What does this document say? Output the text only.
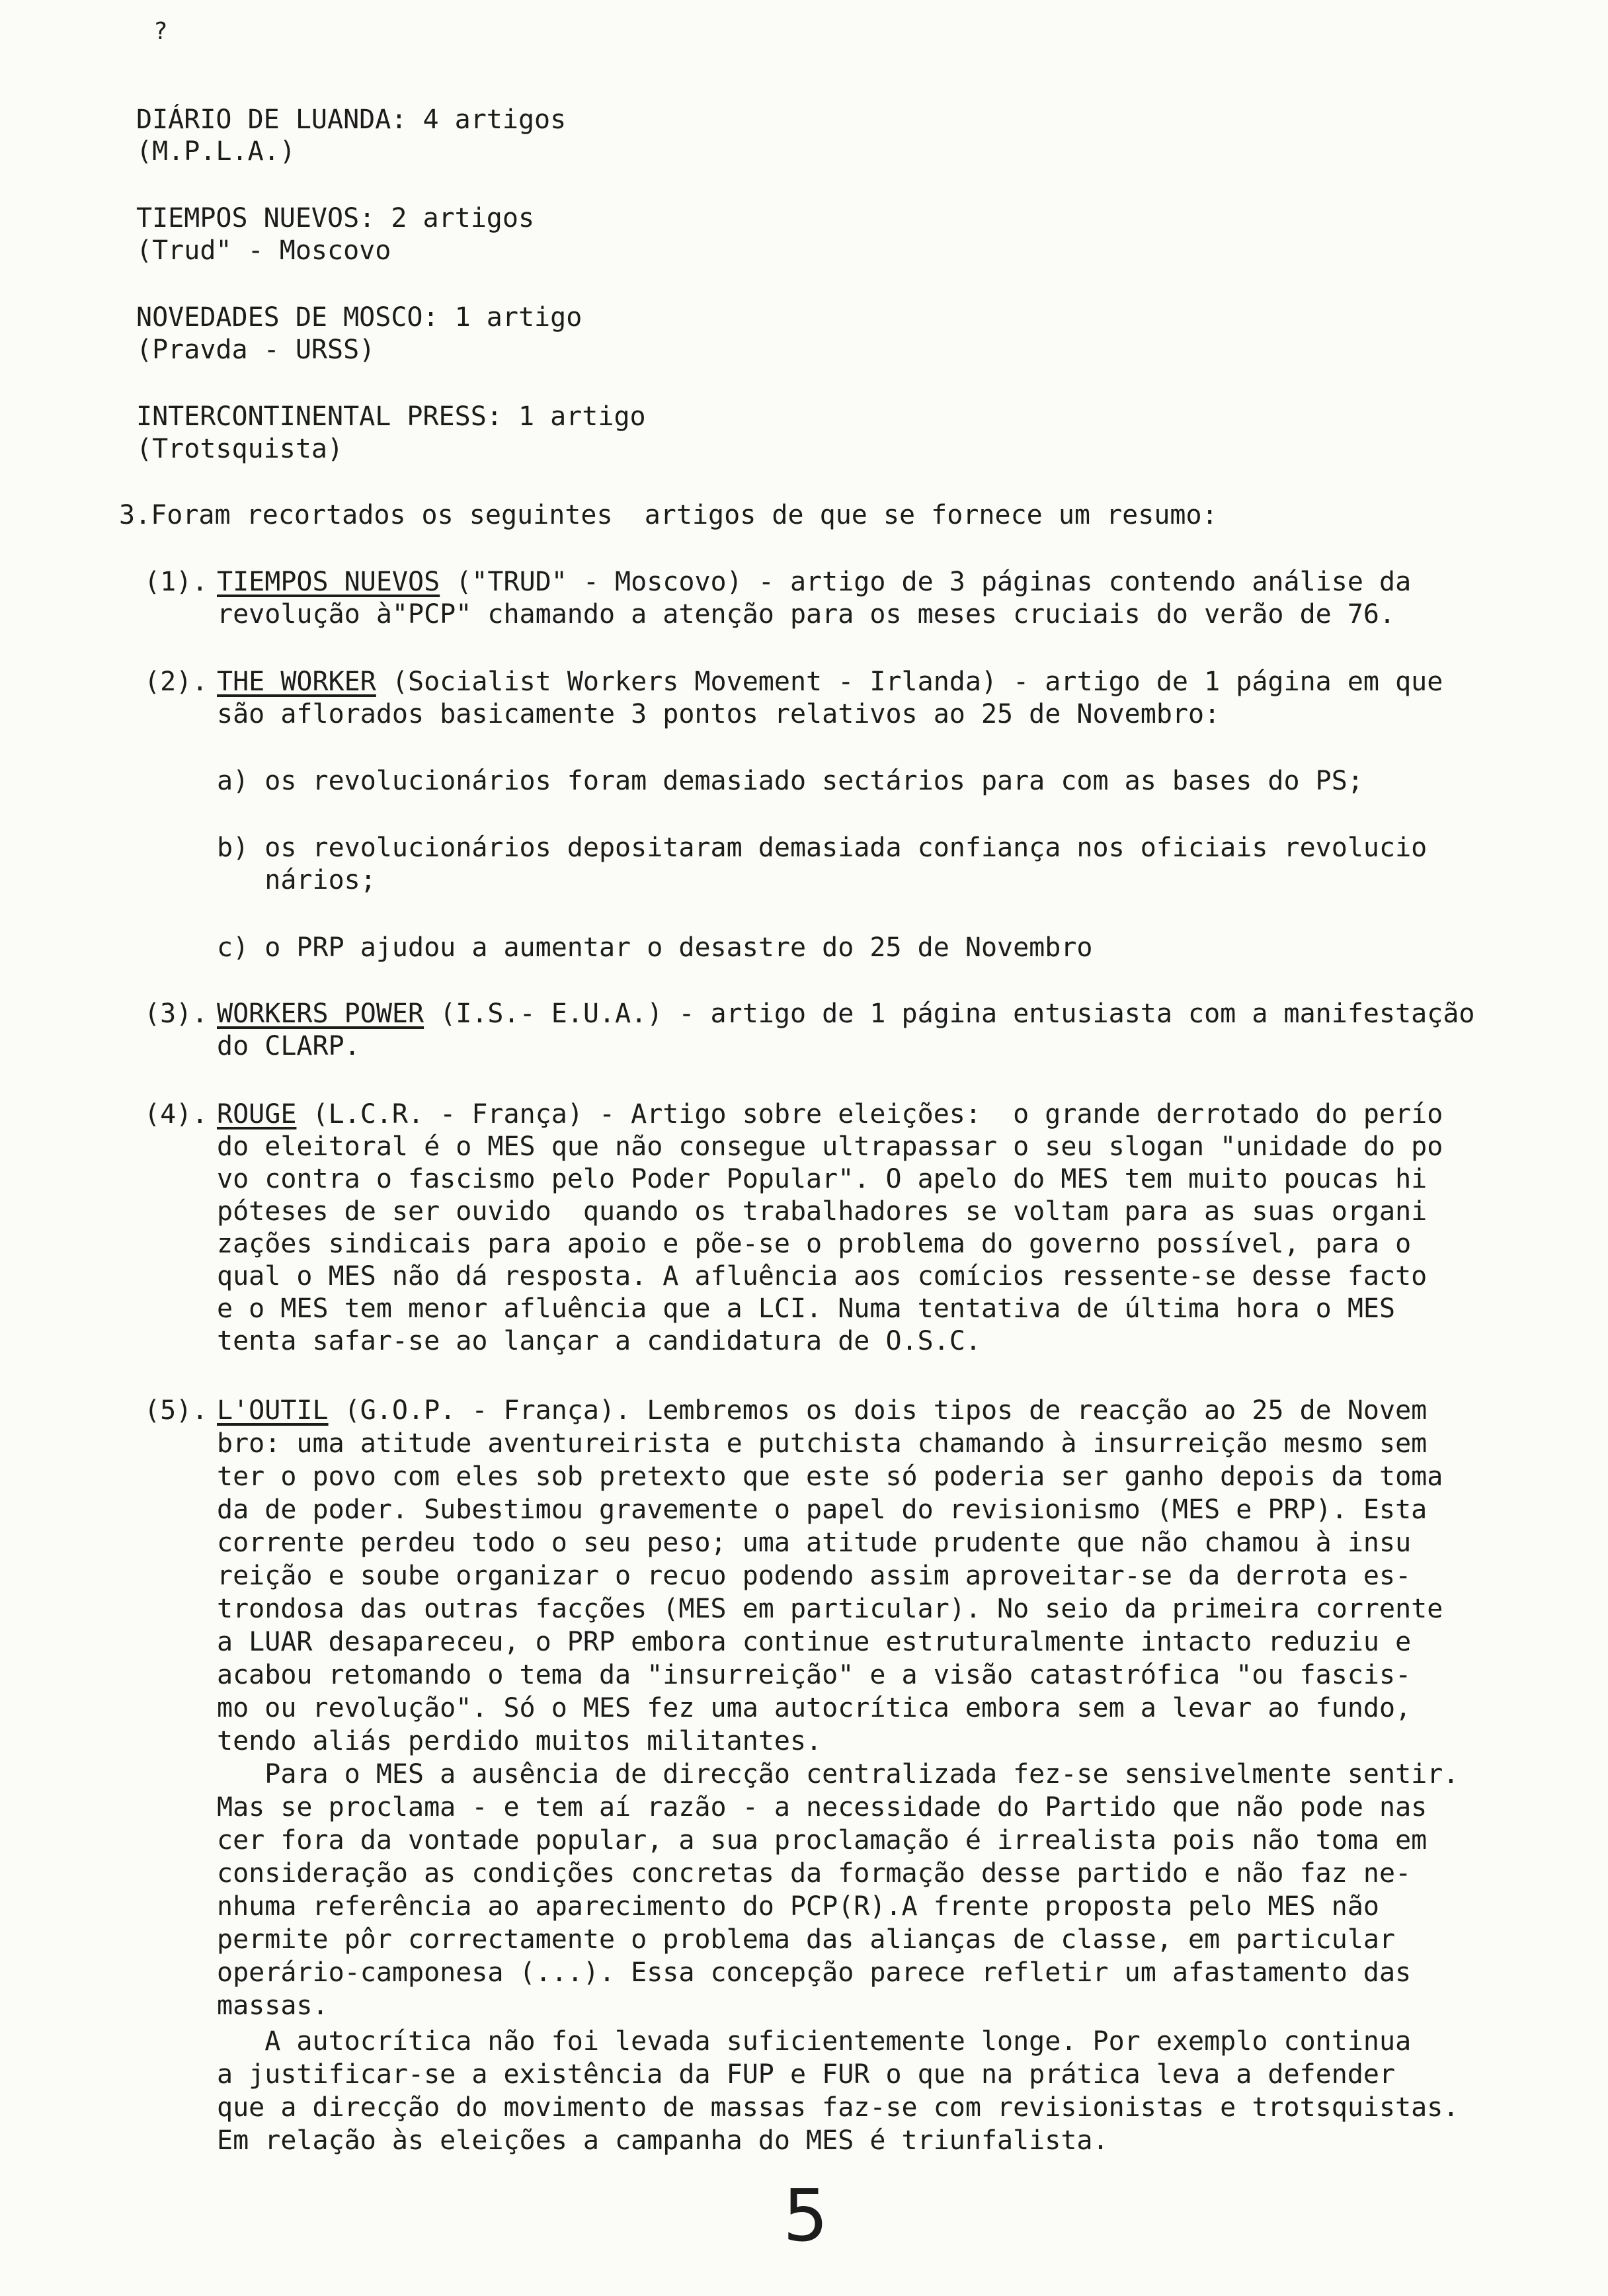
?
DIÁRIO DE LUANDA: 4 artigos
(M.P.L.A.)
TIEMPOS NUEVOS: 2 artigos
(Trud" - Moscovo
NOVEDADES DE MOSCO: 1 artigo
(Pravda - URSS)
INTERCONTINENTAL PRESS: 1 artigo
(Trotsquista)
3.Foram recortados os seguintes  artigos de que se fornece um resumo:
(1). TIEMPOS NUEVOS ("TRUD" - Moscovo) - artigo de 3 páginas contendo análise da
revolução à"PCP" chamando a atenção para os meses cruciais do verão de 76.
(2). THE WORKER (Socialist Workers Movement - Irlanda) - artigo de 1 página em que
são aflorados basicamente 3 pontos relativos ao 25 de Novembro:
a) os revolucionários foram demasiado sectários para com as bases do PS;
b) os revolucionários depositaram demasiada confiança nos oficiais revolucio
nários;
c) o PRP ajudou a aumentar o desastre do 25 de Novembro
(3). WORKERS POWER (I.S.- E.U.A.) - artigo de 1 página entusiasta com a manifestação
do CLARP.
(4). ROUGE (L.C.R. - França) - Artigo sobre eleições:  o grande derrotado do perío
do eleitoral é o MES que não consegue ultrapassar o seu slogan "unidade do po
vo contra o fascismo pelo Poder Popular". O apelo do MES tem muito poucas hi
póteses de ser ouvido  quando os trabalhadores se voltam para as suas organi
zações sindicais para apoio e põe-se o problema do governo possível, para o
qual o MES não dá resposta. A afluência aos comícios ressente-se desse facto
e o MES tem menor afluência que a LCI. Numa tentativa de última hora o MES
tenta safar-se ao lançar a candidatura de O.S.C.
(5). L'OUTIL (G.O.P. - França). Lembremos os dois tipos de reacção ao 25 de Novem
bro: uma atitude aventureirista e putchista chamando à insurreição mesmo sem
ter o povo com eles sob pretexto que este só poderia ser ganho depois da toma
da de poder. Subestimou gravemente o papel do revisionismo (MES e PRP). Esta
corrente perdeu todo o seu peso; uma atitude prudente que não chamou à insu
reição e soube organizar o recuo podendo assim aproveitar-se da derrota es-
trondosa das outras facções (MES em particular). No seio da primeira corrente
a LUAR desapareceu, o PRP embora continue estruturalmente intacto reduziu e
acabou retomando o tema da "insurreição" e a visão catastrófica "ou fascis-
mo ou revolução". Só o MES fez uma autocrítica embora sem a levar ao fundo,
tendo aliás perdido muitos militantes.
Para o MES a ausência de direcção centralizada fez-se sensivelmente sentir.
Mas se proclama - e tem aí razão - a necessidade do Partido que não pode nas
cer fora da vontade popular, a sua proclamação é irrealista pois não toma em
consideração as condições concretas da formação desse partido e não faz ne-
nhuma referência ao aparecimento do PCP(R).A frente proposta pelo MES não
permite pôr correctamente o problema das alianças de classe, em particular
operário-camponesa (...). Essa concepção parece refletir um afastamento das
massas.
A autocrítica não foi levada suficientemente longe. Por exemplo continua
a justificar-se a existência da FUP e FUR o que na prática leva a defender
que a direcção do movimento de massas faz-se com revisionistas e trotsquistas.
Em relação às eleições a campanha do MES é triunfalista.
5
